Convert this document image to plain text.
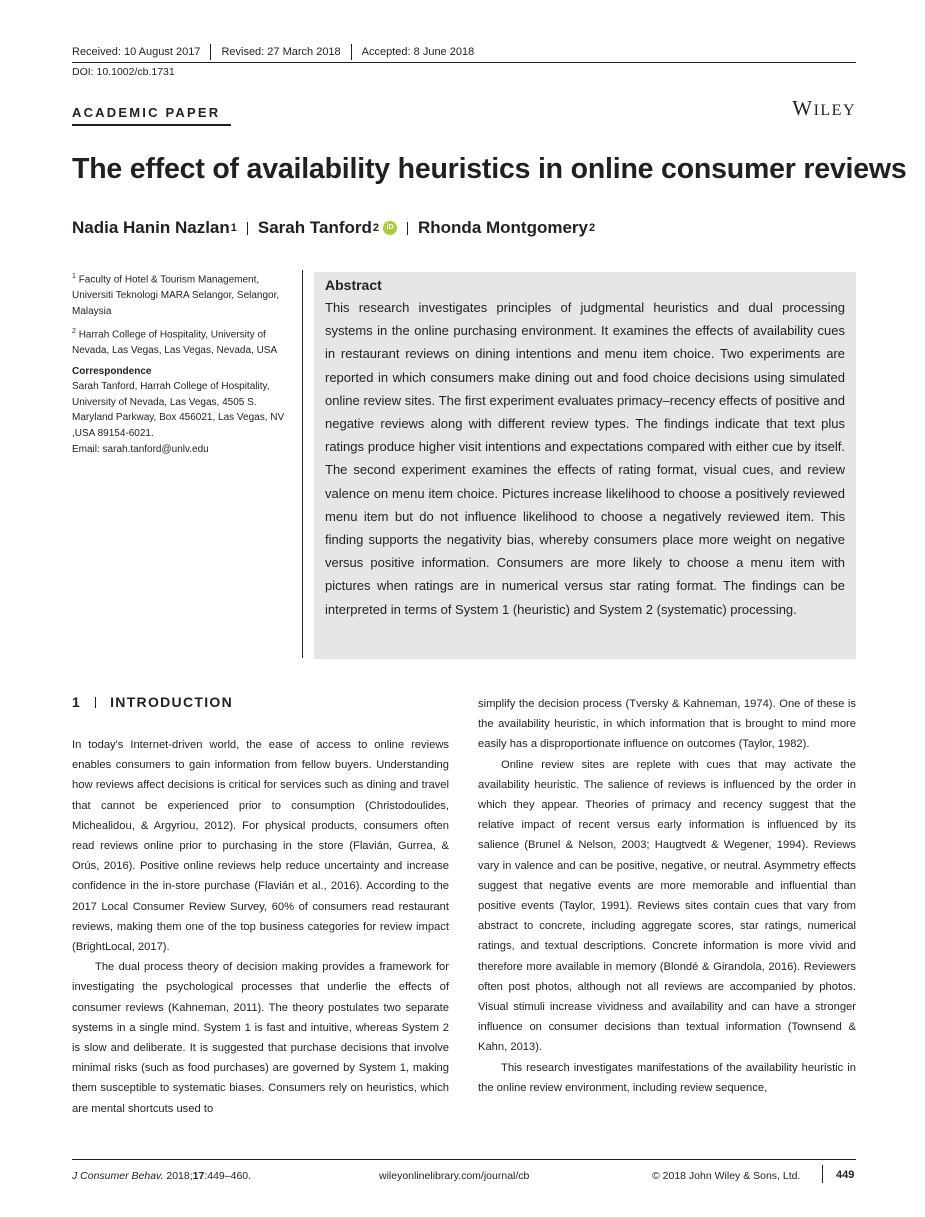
Received: 10 August 2017 Revised: 27 March 2018 Accepted: 8 June 2018
DOI: 10.1002/cb.1731
ACADEMIC PAPER	WILEY
The effect of availability heuristics in online consumer reviews
Nadia Hanin Nazlan 1 Sarah Tanford 2	iD Rhonda Montgomery 2

$^1$ Faculty of Hotel & Tourism Management, Universiti Teknologi MARA Selangor, Selangor, Malaysia

$^2$ Harrah College of Hospitality, University of Nevada, Las Vegas, Las Vegas, Nevada, USA

Correspondence

Sarah Tanford, Harrah College of Hospitality, University of Nevada, Las Vegas, 4505 S. Maryland Parkway, Box 456021, Las Vegas, NV ,USA 89154-6021.

Email: sarah.tanford@unlv.edu

Abstract
This research investigates principles of judgmental heuristics and dual processing systems in the online purchasing environment. It examines the effects of availability cues in restaurant reviews on dining intentions and menu item choice. Two experiments are reported in which consumers make dining out and food choice decisions using simulated online review sites. The first experiment evaluates primacy–recency effects of positive and negative reviews along with different review types. The findings indicate that text plus ratings produce higher visit intentions and expectations compared with either cue by itself. The second experiment examines the effects of rating format, visual cues, and review valence on menu item choice. Pictures increase likelihood to choose a positively reviewed menu item but do not influence likelihood to choose a negatively reviewed item. This finding supports the negativity bias, whereby consumers place more weight on negative versus positive information. Consumers are more likely to choose a menu item with pictures when ratings are in numerical versus star rating format. The findings can be interpreted in terms of System 1 (heuristic) and System 2 (systematic) processing.
1 INTRODUCTION

In today's Internet-driven world, the ease of access to online reviews enables consumers to gain information from fellow buyers. Understanding how reviews affect decisions is critical for services such as dining and travel that cannot be experienced prior to consumption (Christodoulides, Michealidou, & Argyriou, 2012). For physical products, consumers often read reviews online prior to purchasing in the store (Flavián, Gurrea, & Orús, 2016). Positive online reviews help reduce uncertainty and increase confidence in the in-store purchase (Flavián et al., 2016). According to the 2017 Local Consumer Review Survey, 60% of consumers read restaurant reviews, making them one of the top business categories for review impact (BrightLocal, 2017).

The dual process theory of decision making provides a framework for investigating the psychological processes that underlie the effects of consumer reviews (Kahneman, 2011). The theory postulates two separate systems in a single mind. System 1 is fast and intuitive, whereas System 2 is slow and deliberate. It is suggested that purchase decisions that involve minimal risks (such as food purchases) are governed by System 1, making them susceptible to systematic biases. Consumers rely on heuristics, which are mental shortcuts used to

simplify the decision process (Tversky & Kahneman, 1974). One of these is the availability heuristic, in which information that is brought to mind more easily has a disproportionate influence on outcomes (Taylor, 1982).

Online review sites are replete with cues that may activate the availability heuristic. The salience of reviews is influenced by the order in which they appear. Theories of primacy and recency suggest that the relative impact of recent versus early information is influenced by its salience (Brunel & Nelson, 2003; Haugtvedt & Wegener, 1994). Reviews vary in valence and can be positive, negative, or neutral. Asymmetry effects suggest that negative events are more memorable and influential than positive events (Taylor, 1991). Reviews sites contain cues that vary from abstract to concrete, including aggregate scores, star ratings, numerical ratings, and textual descriptions. Concrete information is more vivid and therefore more available in memory (Blondé & Girandola, 2016). Reviewers often post photos, although not all reviews are accompanied by photos. Visual stimuli increase vividness and availability and can have a stronger influence on consumer decisions than textual information (Townsend & Kahn, 2013).

This research investigates manifestations of the availability heuristic in the online review environment, including review sequence,

J Consumer Behav. 2018;17:449–460.	wileyonlinelibrary.com/journal/cb	© 2018 John Wiley & Sons, Ltd.	449
